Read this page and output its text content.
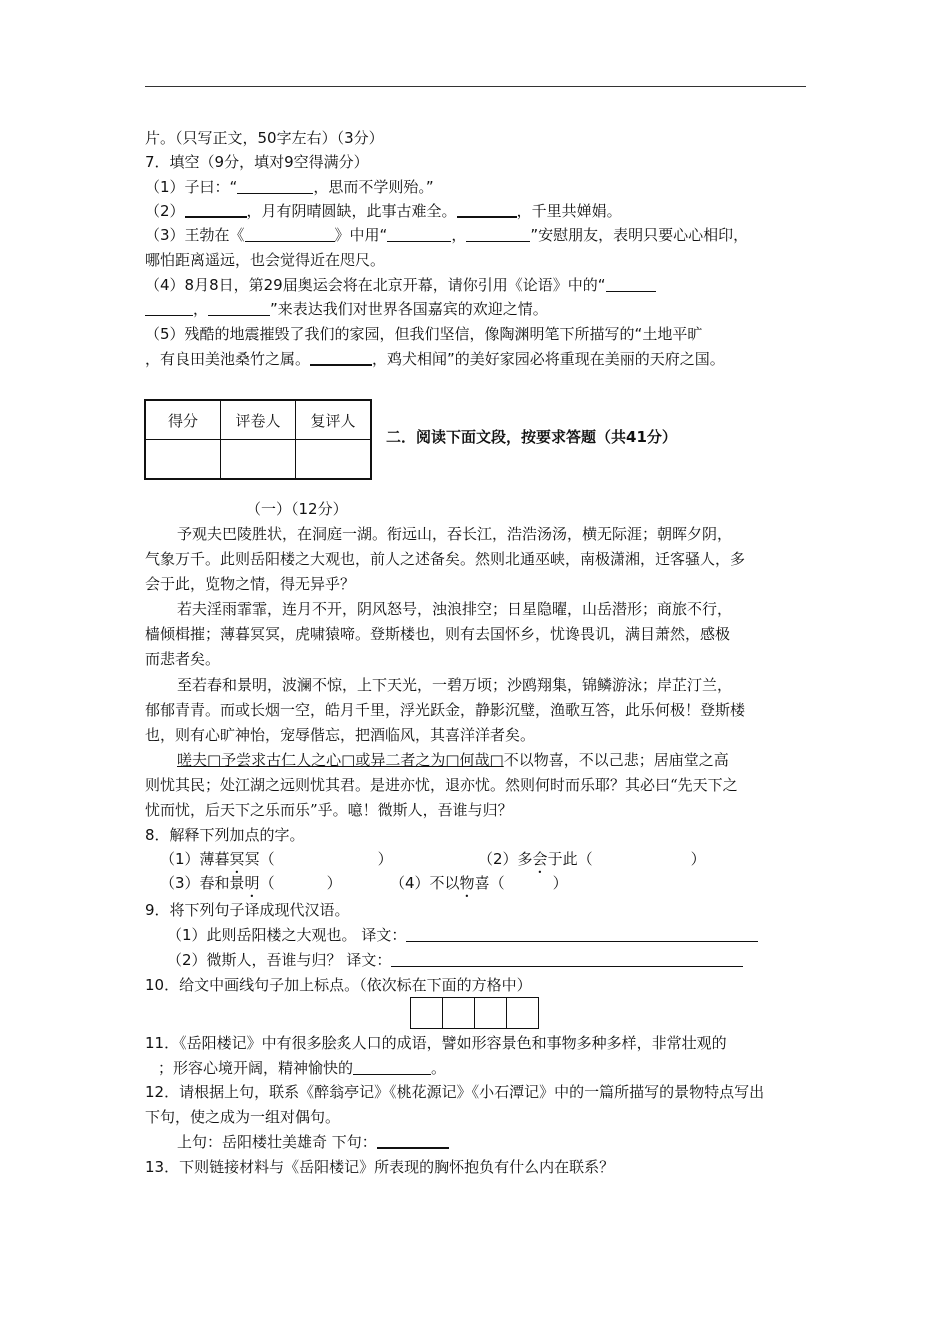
片。（只写正文，50字左右）（3分）
7．填空（9分，填对9空得满分）
（1）子曰：“	，思而不学则殆。”
（2）	，月有阴晴圆缺，此事古难全。	，千里共婵娟。
（3）王勃在《	》中用“	，	”安慰朋友，表明只要心心相印，
哪怕距离遥远，也会觉得近在咫尺。
（4）8月8日，第29届奥运会将在北京开幕，请你引用《论语》中的“
，	”来表达我们对世界各国嘉宾的欢迎之情。
（5）残酷的地震摧毁了我们的家园，但我们坚信，像陶渊明笔下所描写的“土地平旷
，有良田美池桑竹之属。	，鸡犬相闻”的美好家园必将重现在美丽的天府之国。
得分	评卷人	复评人

二．阅读下面文段，按要求答题（共41分）
（一）（12分）
予观夫巴陵胜状，在洞庭一湖。衔远山，吞长江，浩浩汤汤，横无际涯；朝晖夕阴，
气象万千。此则岳阳楼之大观也，前人之述备矣。然则北通巫峡，南极潇湘，迁客骚人，多
会于此，览物之情，得无异乎？
若夫淫雨霏霏，连月不开，阴风怒号，浊浪排空；日星隐曜，山岳潜形；商旅不行，
樯倾楫摧；薄暮冥冥，虎啸猿啼。登斯楼也，则有去国怀乡，忧谗畏讥，满目萧然，感极
而悲者矣。
至若春和景明，波澜不惊，上下天光，一碧万顷；沙鸥翔集，锦鳞游泳；岸芷汀兰，
郁郁青青。而或长烟一空，皓月千里，浮光跃金，静影沉璧，渔歌互答，此乐何极！登斯楼
也，则有心旷神怡，宠辱偕忘，把酒临风，其喜洋洋者矣。
嗟夫□予尝求古仁人之心□或异二者之为□何哉□不以物喜，不以己悲；居庙堂之高
则忧其民；处江湖之远则忧其君。是进亦忧，退亦忧。然则何时而乐耶？其必曰“先天下之
忧而忧，后天下之乐而乐”乎。噫！微斯人，吾谁与归？
8．解释下列加点的字。
（1）薄暮冥冥（	）	（2）多会于此（	）
（3）春和景明（	）	（4）不以物喜（	）
9．将下列句子译成现代汉语。
（1）此则岳阳楼之大观也。 译文：
（2）微斯人，吾谁与归？ 译文：
10．给文中画线句子加上标点。（依次标在下面的方格中）
11．《岳阳楼记》中有很多脍炙人口的成语，譬如形容景色和事物多种多样，非常壮观的
；形容心境开阔，精神愉快的	。
12．请根据上句，联系《醉翁亭记》《桃花源记》《小石潭记》中的一篇所描写的景物特点写出
下句，使之成为一组对偶句。
上句：岳阳楼壮美雄奇 下句：
13．下则链接材料与《岳阳楼记》所表现的胸怀抱负有什么内在联系？
